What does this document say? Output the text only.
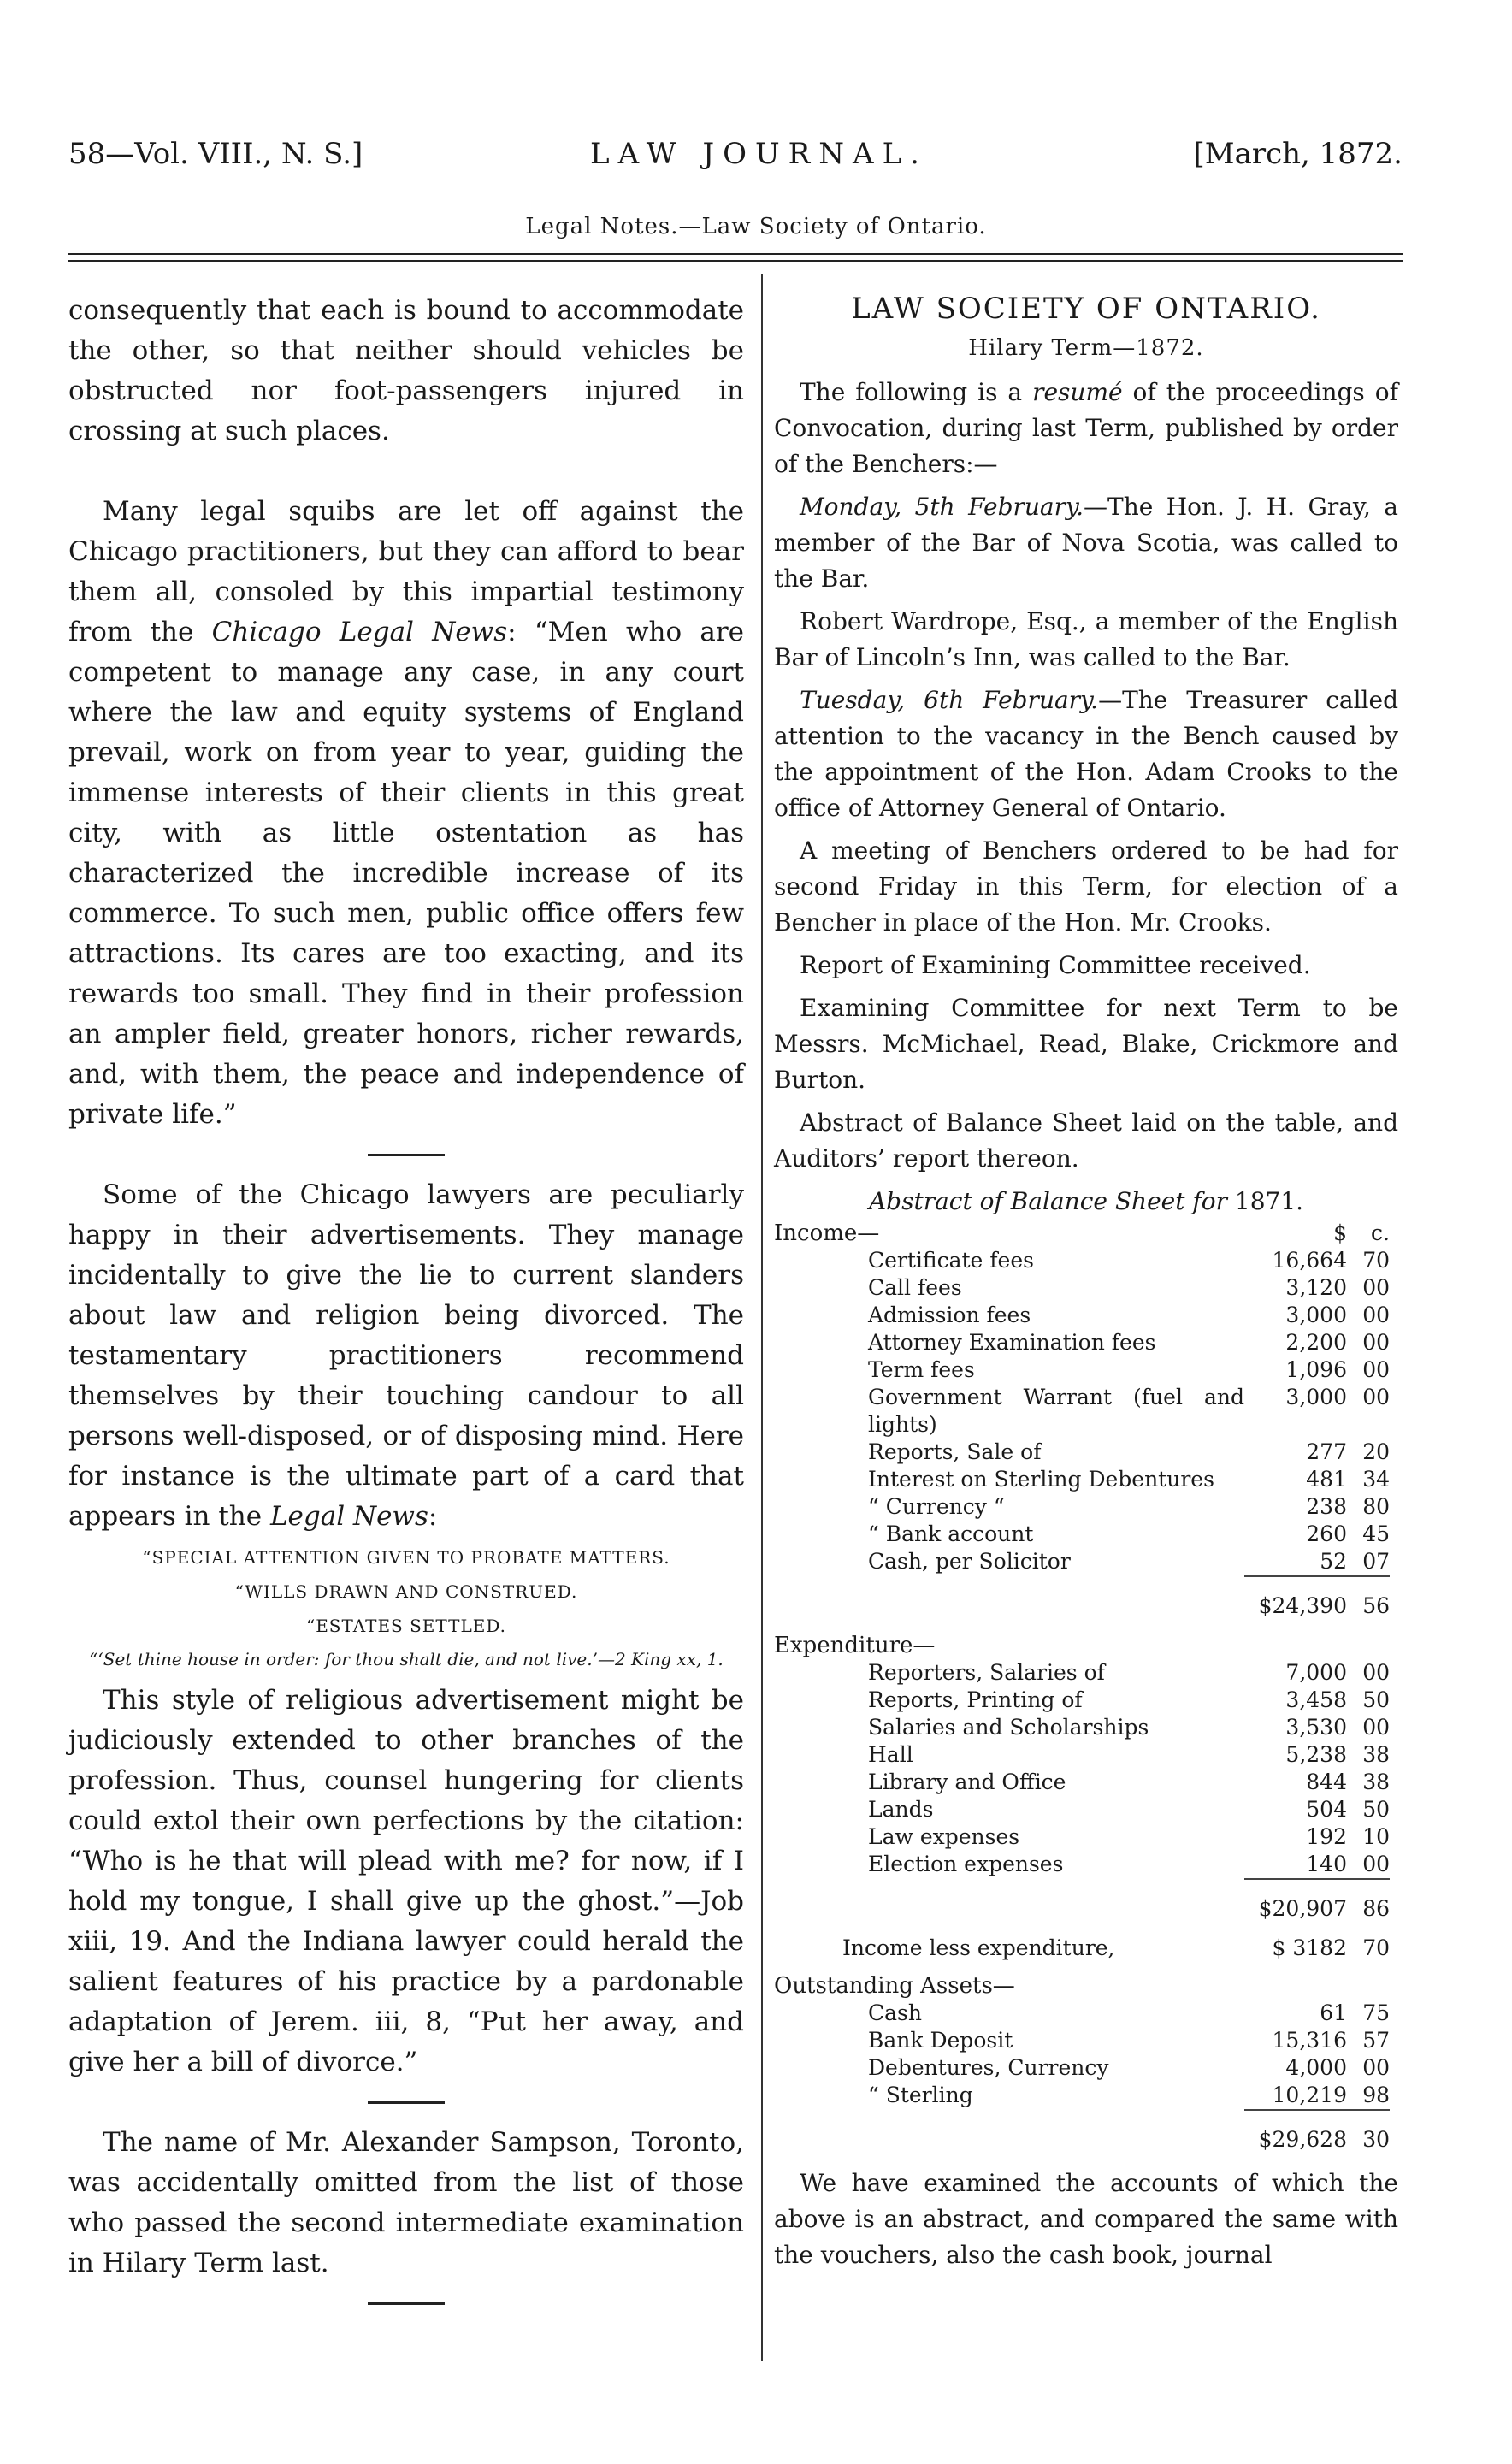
58—Vol. VIII., N. S.]	LAW JOURNAL.	[March, 1872.
Legal Notes.—Law Society of Ontario.

consequently that each is bound to accommodate the other, so that neither should vehicles be obstructed nor foot-passengers injured in crossing at such places.

Many legal squibs are let off against the Chicago practitioners, but they can afford to bear them all, consoled by this impartial testimony from the Chicago Legal News: “Men who are competent to manage any case, in any court where the law and equity systems of England prevail, work on from year to year, guiding the immense interests of their clients in this great city, with as little ostentation as has characterized the incredible increase of its commerce. To such men, public office offers few attractions. Its cares are too exacting, and its rewards too small. They find in their profession an ampler field, greater honors, richer rewards, and, with them, the peace and independence of private life.”

Some of the Chicago lawyers are peculiarly happy in their advertisements. They manage incidentally to give the lie to current slanders about law and religion being divorced. The testamentary practitioners recommend themselves by their touching candour to all persons well-disposed, or of disposing mind. Here for instance is the ultimate part of a card that appears in the Legal News:

“SPECIAL ATTENTION GIVEN TO PROBATE MATTERS.
“WILLS DRAWN AND CONSTRUED.
“ESTATES SETTLED.
“‘Set thine house in order: for thou shalt die, and not live.’—2 King xx, 1.

This style of religious advertisement might be judiciously extended to other branches of the profession. Thus, counsel hungering for clients could extol their own perfections by the citation: “Who is he that will plead with me? for now, if I hold my tongue, I shall give up the ghost.”—Job xiii, 19. And the Indiana lawyer could herald the salient features of his practice by a pardonable adaptation of Jerem. iii, 8, “Put her away, and give her a bill of divorce.”

The name of Mr. Alexander Sampson, Toronto, was accidentally omitted from the list of those who passed the second intermediate examination in Hilary Term last.

LAW SOCIETY OF ONTARIO.
Hilary Term—1872.

The following is a resumé of the proceedings of Convocation, during last Term, published by order of the Benchers:—

Monday, 5th February.—The Hon. J. H. Gray, a member of the Bar of Nova Scotia, was called to the Bar.

Robert Wardrope, Esq., a member of the English Bar of Lincoln’s Inn, was called to the Bar.

Tuesday, 6th February.—The Treasurer called attention to the vacancy in the Bench caused by the appointment of the Hon. Adam Crooks to the office of Attorney General of Ontario.

A meeting of Benchers ordered to be had for second Friday in this Term, for election of a Bencher in place of the Hon. Mr. Crooks.

Report of Examining Committee received.

Examining Committee for next Term to be Messrs. McMichael, Read, Blake, Crickmore and Burton.

Abstract of Balance Sheet laid on the table, and Auditors’ report thereon.

Abstract of Balance Sheet for 1871.
Income—	$	c.
Certificate fees	16,664	70
Call fees	3,120	00
Admission fees	3,000	00
Attorney Examination fees	2,200	00
Term fees	1,096	00
Government Warrant (fuel and lights)	3,000	00
Reports, Sale of	277	20
Interest on Sterling Debentures	481	34
“ Currency “	238	80
“ Bank account	260	45
Cash, per Solicitor	52	07
	$24,390	56
Expenditure—		
Reporters, Salaries of	7,000	00
Reports, Printing of	3,458	50
Salaries and Scholarships	3,530	00
Hall	5,238	38
Library and Office	844	38
Lands	504	50
Law expenses	192	10
Election expenses	140	00
	$20,907	86
Income less expenditure,	$ 3182	70
Outstanding Assets—		
Cash	61	75
Bank Deposit	15,316	57
Debentures, Currency	4,000	00
“ Sterling	10,219	98
	$29,628	30

We have examined the accounts of which the above is an abstract, and compared the same with the vouchers, also the cash book, journal
